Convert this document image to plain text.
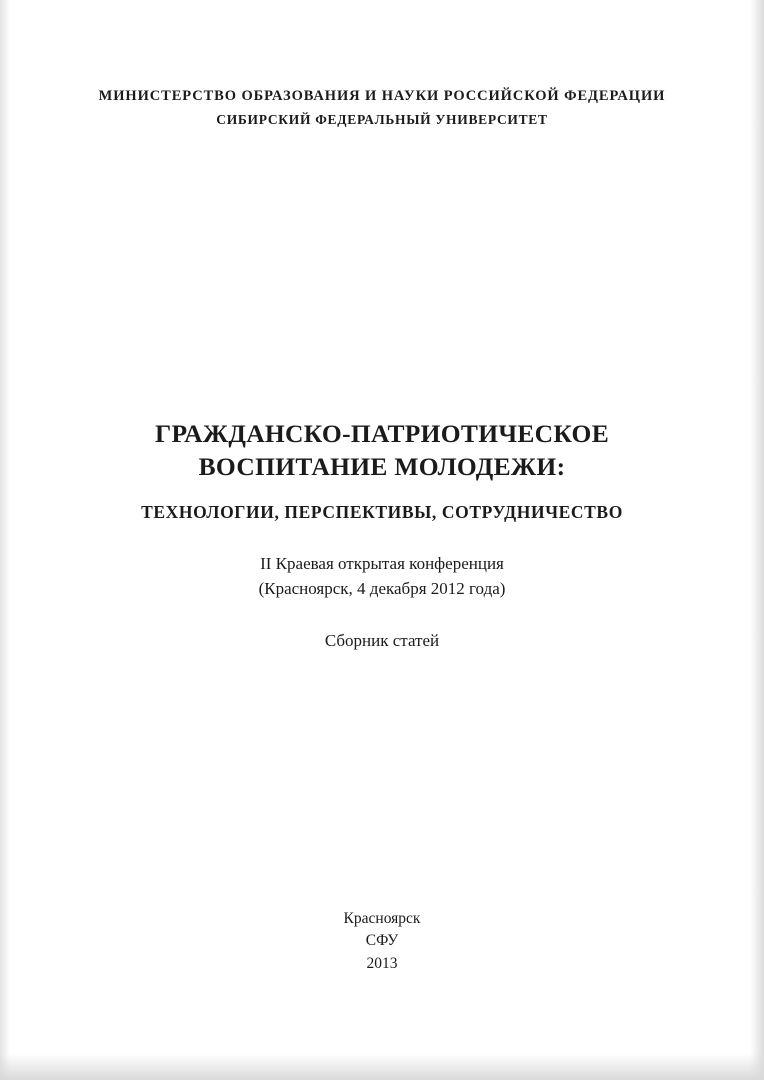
МИНИСТЕРСТВО ОБРАЗОВАНИЯ И НАУКИ РОССИЙСКОЙ ФЕДЕРАЦИИ
СИБИРСКИЙ ФЕДЕРАЛЬНЫЙ УНИВЕРСИТЕТ
ГРАЖДАНСКО-ПАТРИОТИЧЕСКОЕ
ВОСПИТАНИЕ МОЛОДЕЖИ:
ТЕХНОЛОГИИ, ПЕРСПЕКТИВЫ, СОТРУДНИЧЕСТВО
II Краевая открытая конференция
(Красноярск, 4 декабря 2012 года)
Сборник статей
Красноярск
СФУ
2013
